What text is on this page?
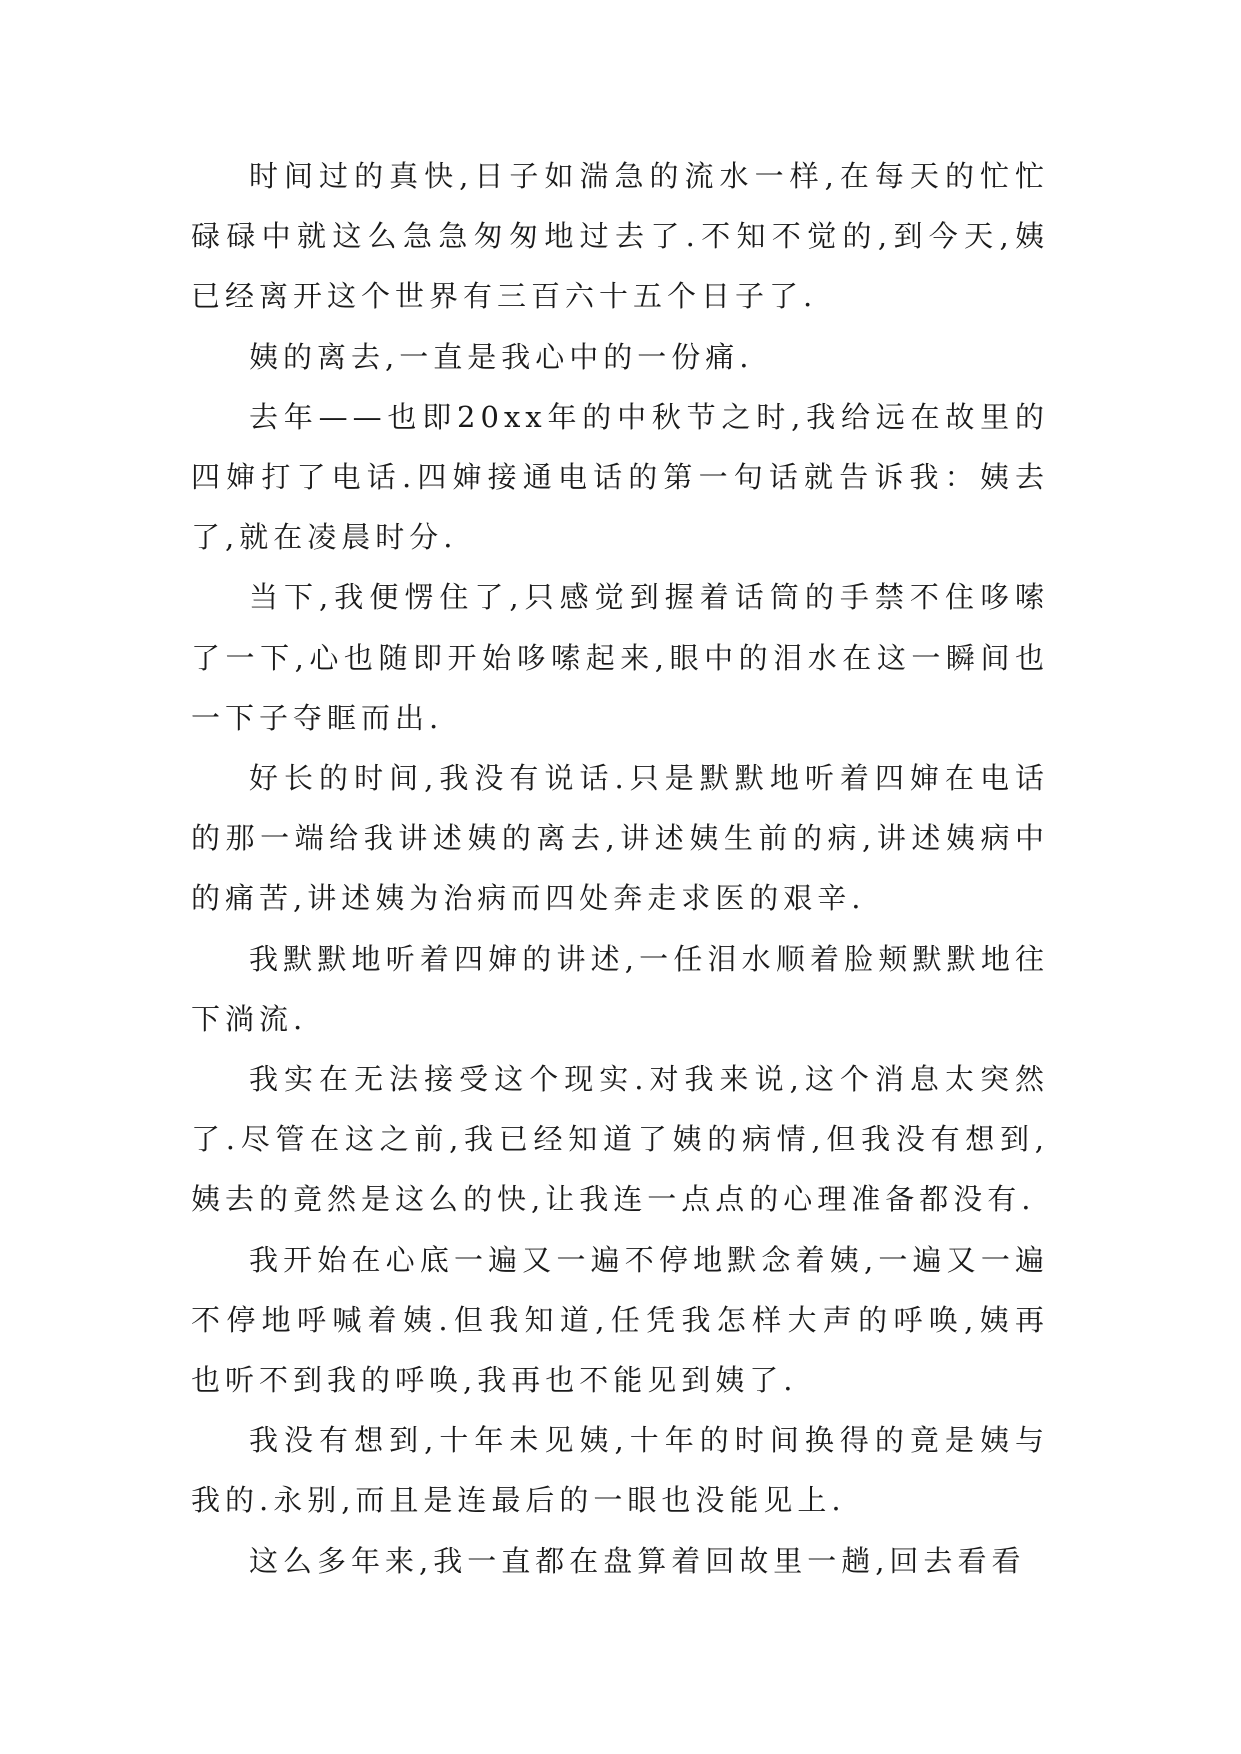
时间过的真快,日子如湍急的流水一样,在每天的忙忙碌碌中就这么急急匆匆地过去了.不知不觉的,到今天,姨已经离开这个世界有三百六十五个日子了.

姨的离去,一直是我心中的一份痛.

去年——也即20xx年的中秋节之时,我给远在故里的四婶打了电话.四婶接通电话的第一句话就告诉我：姨去了,就在凌晨时分.

当下,我便愣住了,只感觉到握着话筒的手禁不住哆嗦了一下,心也随即开始哆嗦起来,眼中的泪水在这一瞬间也一下子夺眶而出.

好长的时间,我没有说话.只是默默地听着四婶在电话的那一端给我讲述姨的离去,讲述姨生前的病,讲述姨病中的痛苦,讲述姨为治病而四处奔走求医的艰辛.

我默默地听着四婶的讲述,一任泪水顺着脸颊默默地往下淌流.

我实在无法接受这个现实.对我来说,这个消息太突然了.尽管在这之前,我已经知道了姨的病情,但我没有想到,姨去的竟然是这么的快,让我连一点点的心理准备都没有.

我开始在心底一遍又一遍不停地默念着姨,一遍又一遍不停地呼喊着姨.但我知道,任凭我怎样大声的呼唤,姨再也听不到我的呼唤,我再也不能见到姨了.

我没有想到,十年未见姨,十年的时间换得的竟是姨与我的.永别,而且是连最后的一眼也没能见上.

这么多年来,我一直都在盘算着回故里一趟,回去看看
